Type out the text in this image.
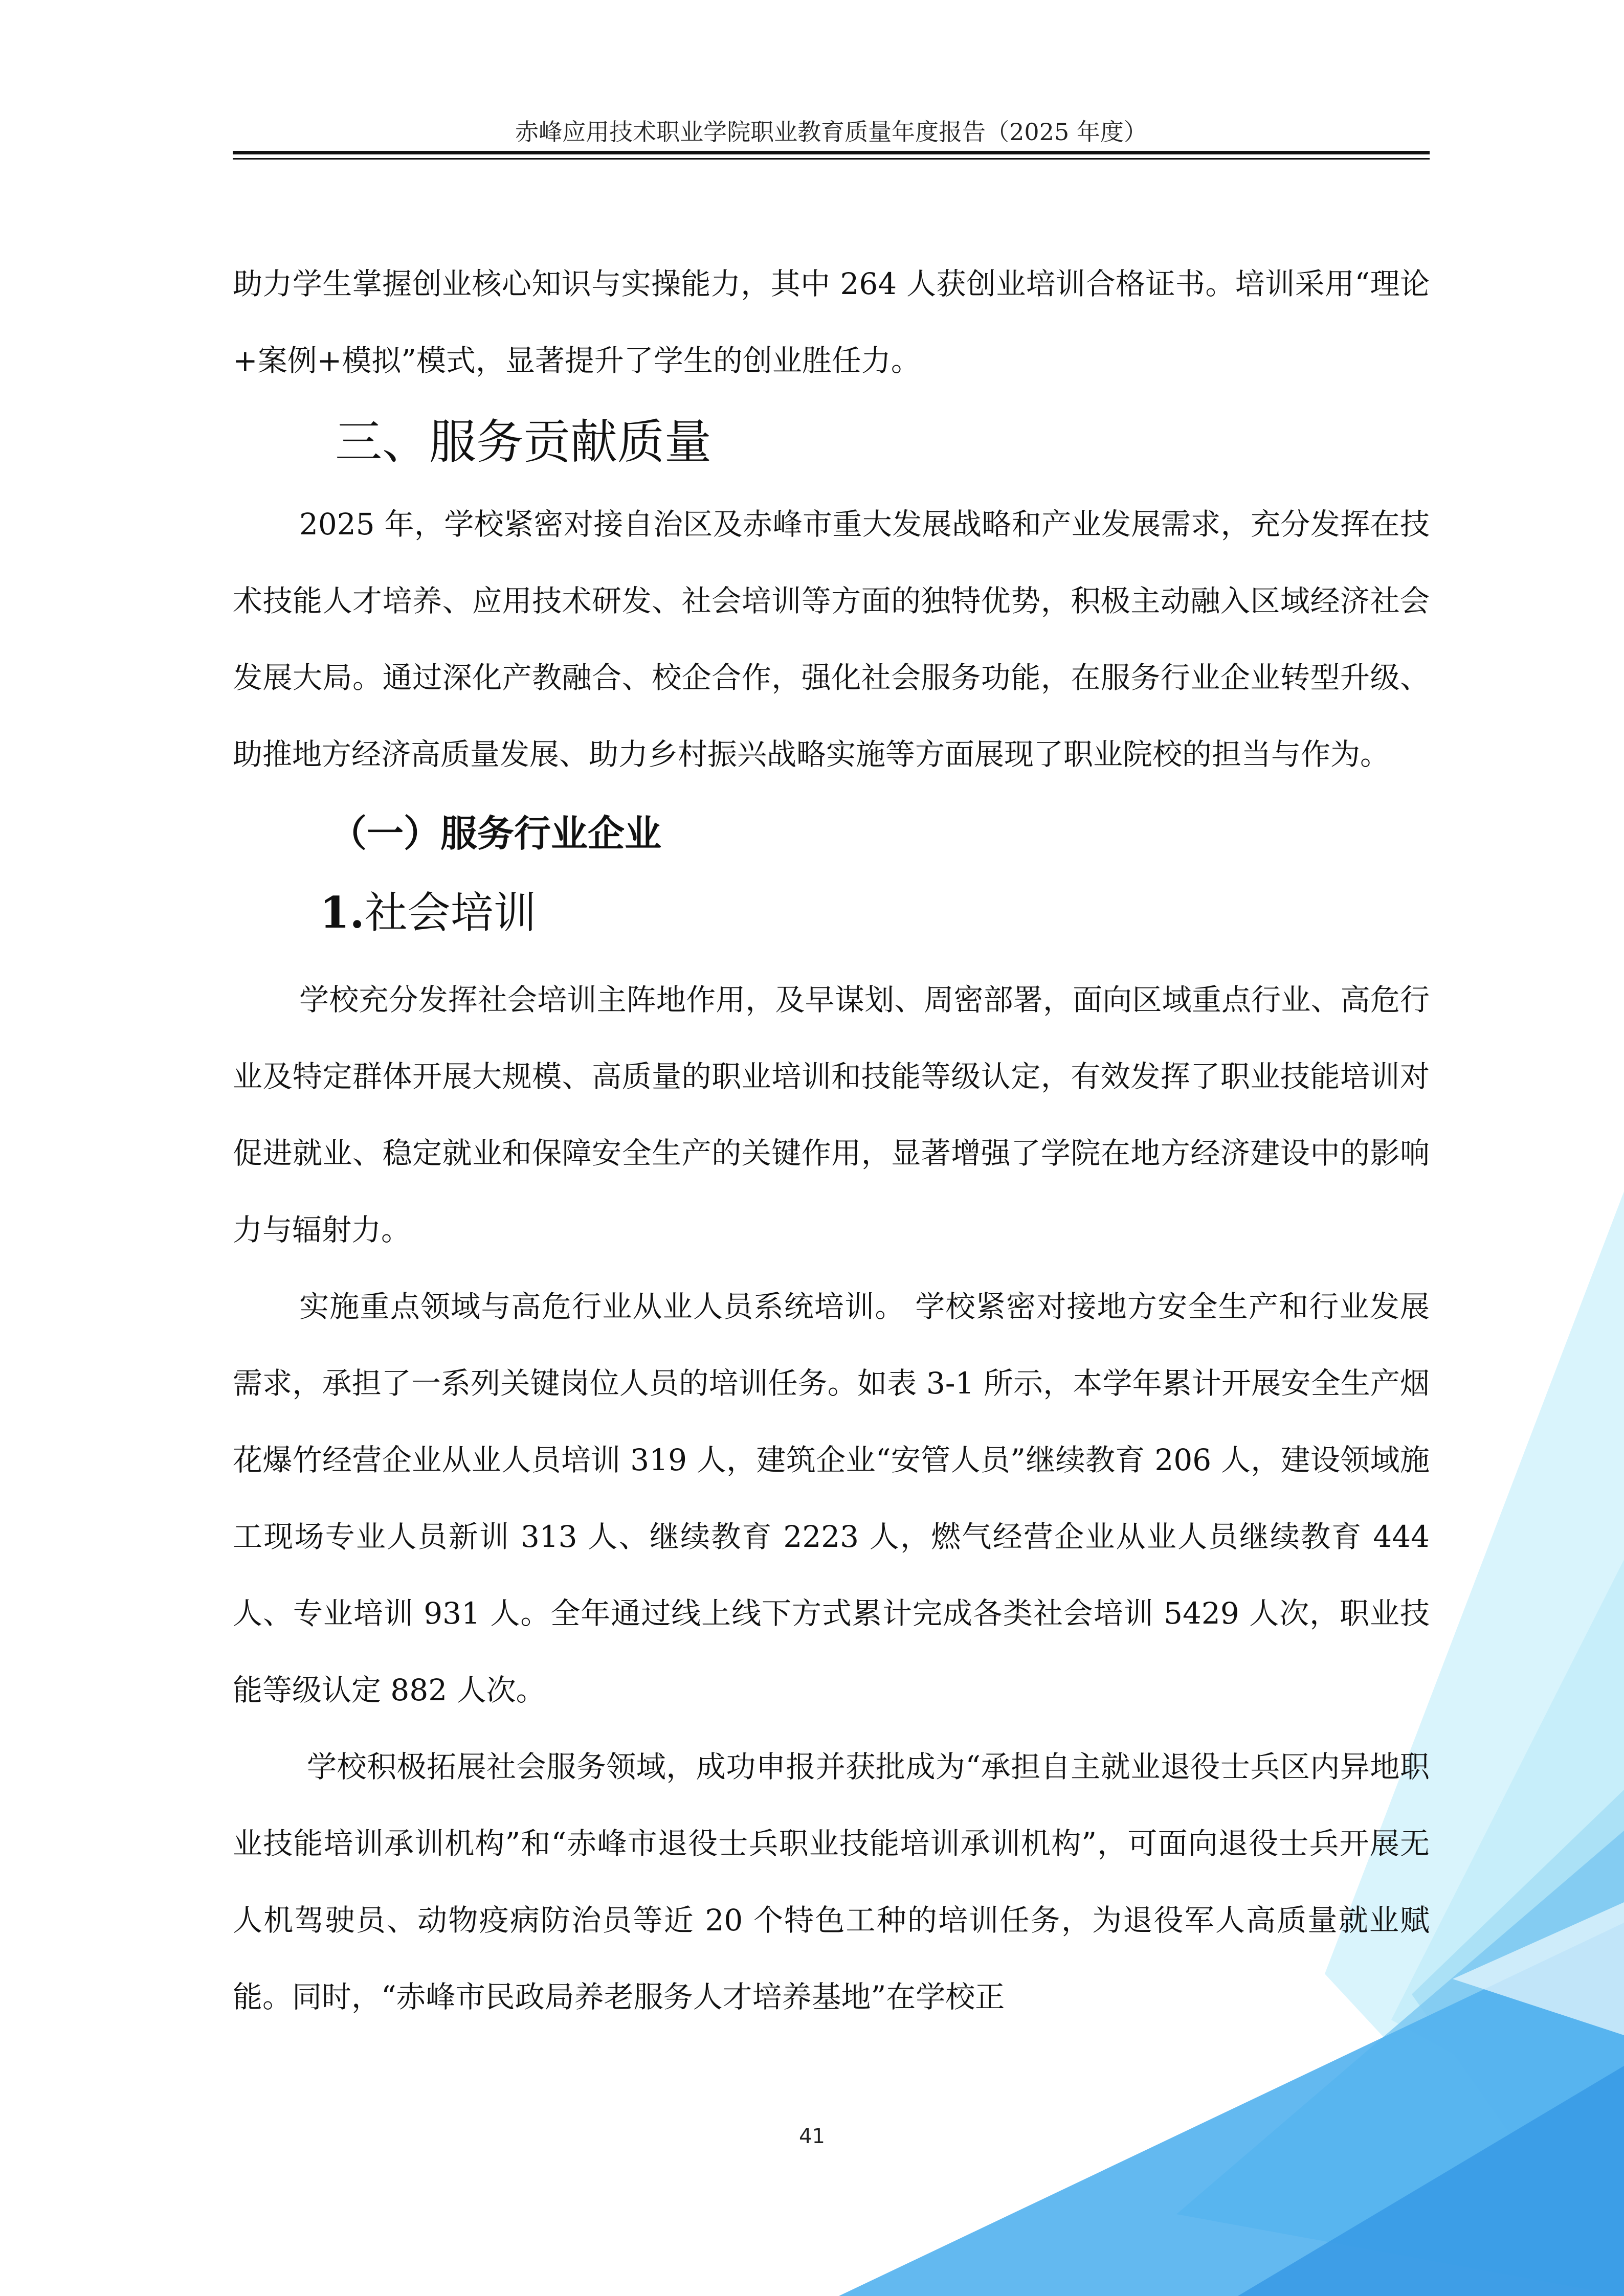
赤峰应用技术职业学院职业教育质量年度报告（2025 年度）

助力学生掌握创业核心知识与实操能力，其中 264 人获创业培训合格证书。培训采用“理论+案例+模拟”模式，显著提升了学生的创业胜任力。

三、服务贡献质量

2025 年，学校紧密对接自治区及赤峰市重大发展战略和产业发展需求，充分发挥在技术技能人才培养、应用技术研发、社会培训等方面的独特优势，积极主动融入区域经济社会发展大局。通过深化产教融合、校企合作，强化社会服务功能，在服务行业企业转型升级、助推地方经济高质量发展、助力乡村振兴战略实施等方面展现了职业院校的担当与作为。

（一）服务行业企业
1.社会培训

学校充分发挥社会培训主阵地作用，及早谋划、周密部署，面向区域重点行业、高危行业及特定群体开展大规模、高质量的职业培训和技能等级认定，有效发挥了职业技能培训对促进就业、稳定就业和保障安全生产的关键作用，显著增强了学院在地方经济建设中的影响力与辐射力。

实施重点领域与高危行业从业人员系统培训。 学校紧密对接地方安全生产和行业发展需求，承担了一系列关键岗位人员的培训任务。如表 3-1 所示，本学年累计开展安全生产烟花爆竹经营企业从业人员培训 319 人，建筑企业“安管人员”继续教育 206 人，建设领域施工现场专业人员新训 313 人、继续教育 2223 人，燃气经营企业从业人员继续教育 444 人、专业培训 931 人。全年通过线上线下方式累计完成各类社会培训 5429 人次，职业技能等级认定 882 人次。

学校积极拓展社会服务领域，成功申报并获批成为“承担自主就业退役士兵区内异地职业技能培训承训机构”和“赤峰市退役士兵职业技能培训承训机构”，可面向退役士兵开展无人机驾驶员、动物疫病防治员等近 20 个特色工种的培训任务，为退役军人高质量就业赋能。同时，“赤峰市民政局养老服务人才培养基地”在学校正

41
